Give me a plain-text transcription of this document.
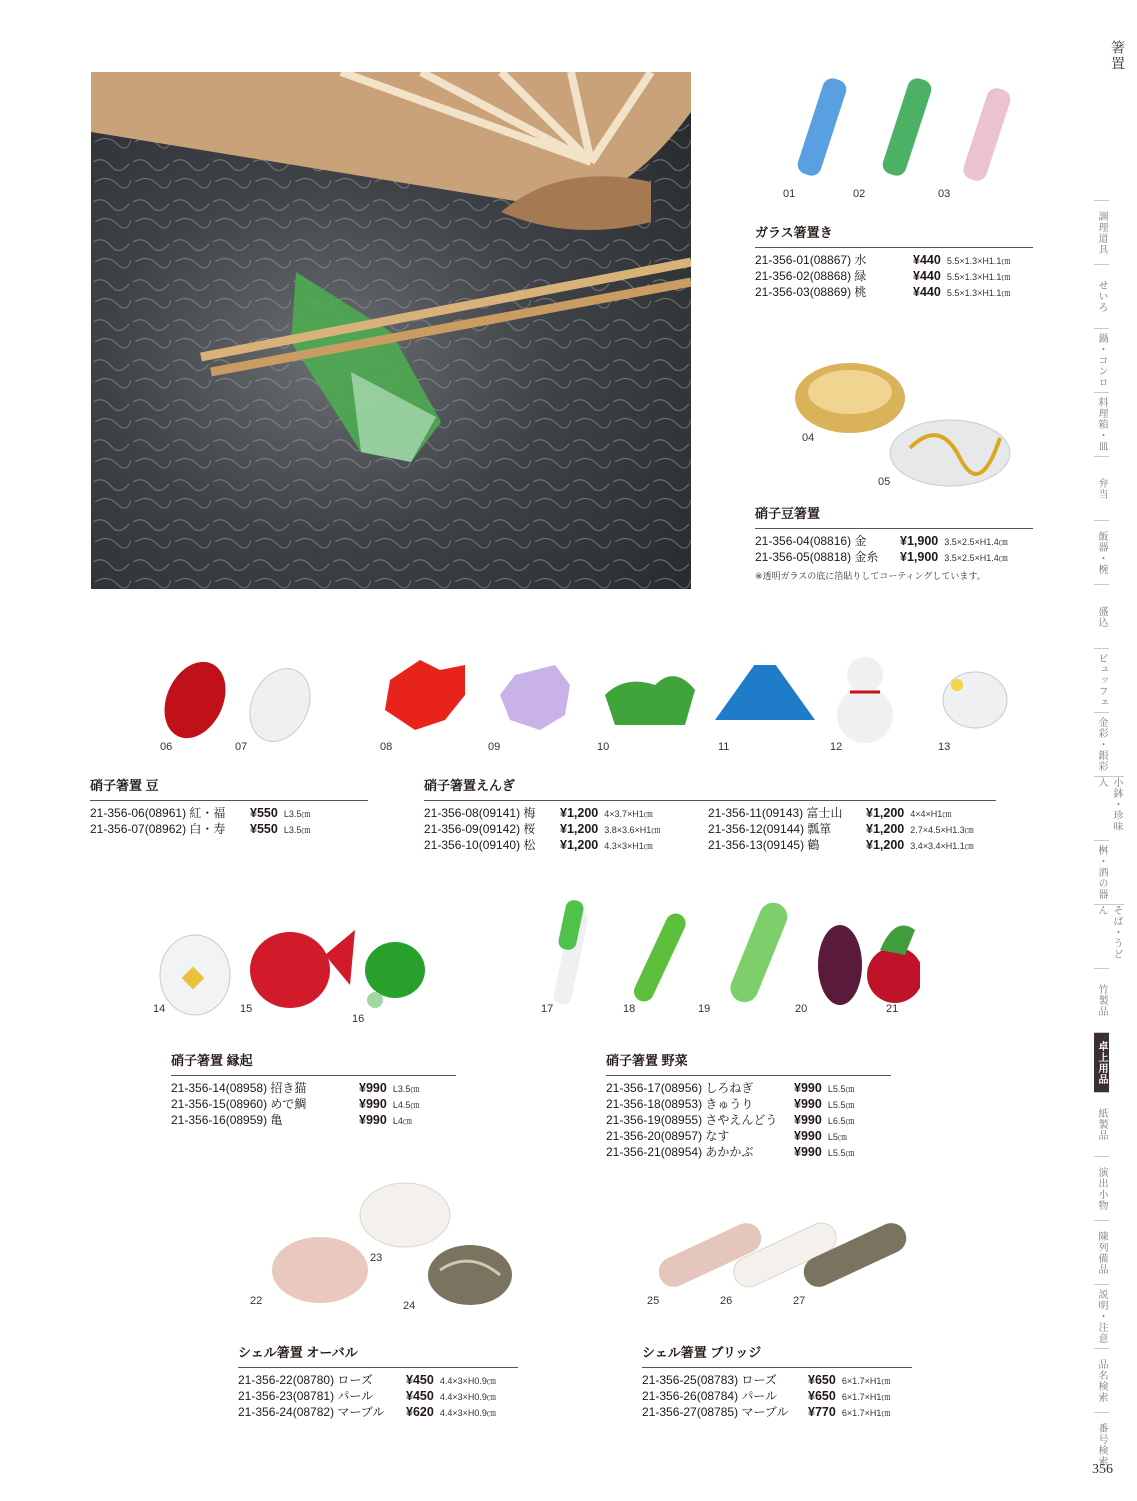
箸置
356
調理道具
せいろ
鍋・コンロ
料理箱・皿
弁当
飯器・椀
盛込
ビュッフェ
金彩・銀彩
小鉢・珍味入
桝・酒の器
そば・うどん
竹製品
卓上用品
紙製品
演出小物
陳列備品
説明・注意
品名検索
番号検索
01	02	03
ガラス箸置き
21-356-01(08867) 水	¥440 5.5×1.3×H1.1㎝
21-356-02(08868) 緑	¥440 5.5×1.3×H1.1㎝
21-356-03(08869) 桃	¥440 5.5×1.3×H1.1㎝
04
05
硝子豆箸置
21-356-04(08816) 金	¥1,900 3.5×2.5×H1.4㎝
21-356-05(08818) 金糸	¥1,900 3.5×2.5×H1.4㎝
※透明ガラスの底に箔貼りしてコーティングしています。
06	07	08	09	10	11	12	13
硝子箸置 豆
21-356-06(08961) 紅・福	¥550 L3.5㎝
21-356-07(08962) 白・寿	¥550 L3.5㎝
硝子箸置えんぎ
21-356-08(09141) 梅	¥1,200 4×3.7×H1㎝
21-356-09(09142) 桜	¥1,200 3.8×3.6×H1㎝
21-356-10(09140) 松	¥1,200 4.3×3×H1㎝
21-356-11(09143) 富士山	¥1,200 4×4×H1㎝
21-356-12(09144) 瓢箪	¥1,200 2.7×4.5×H1.3㎝
21-356-13(09145) 鶴	¥1,200 3.4×3.4×H1.1㎝
14	15
16
17	18	19	20	21
硝子箸置 縁起
21-356-14(08958) 招き猫	¥990 L3.5㎝
21-356-15(08960) めで鯛	¥990 L4.5㎝
21-356-16(08959) 亀	¥990 L4㎝
硝子箸置 野菜
21-356-17(08956) しろねぎ	¥990 L5.5㎝
21-356-18(08953) きゅうり	¥990 L5.5㎝
21-356-19(08955) さやえんどう	¥990 L6.5㎝
21-356-20(08957) なす	¥990 L5㎝
21-356-21(08954) あかかぶ	¥990 L5.5㎝
22
23
24	25	26	27
シェル箸置 オーバル
21-356-22(08780) ローズ	¥450 4.4×3×H0.9㎝
21-356-23(08781) パール	¥450 4.4×3×H0.9㎝
21-356-24(08782) マーブル	¥620 4.4×3×H0.9㎝
シェル箸置 ブリッジ
21-356-25(08783) ローズ	¥650 6×1.7×H1㎝
21-356-26(08784) パール	¥650 6×1.7×H1㎝
21-356-27(08785) マーブル	¥770 6×1.7×H1㎝
